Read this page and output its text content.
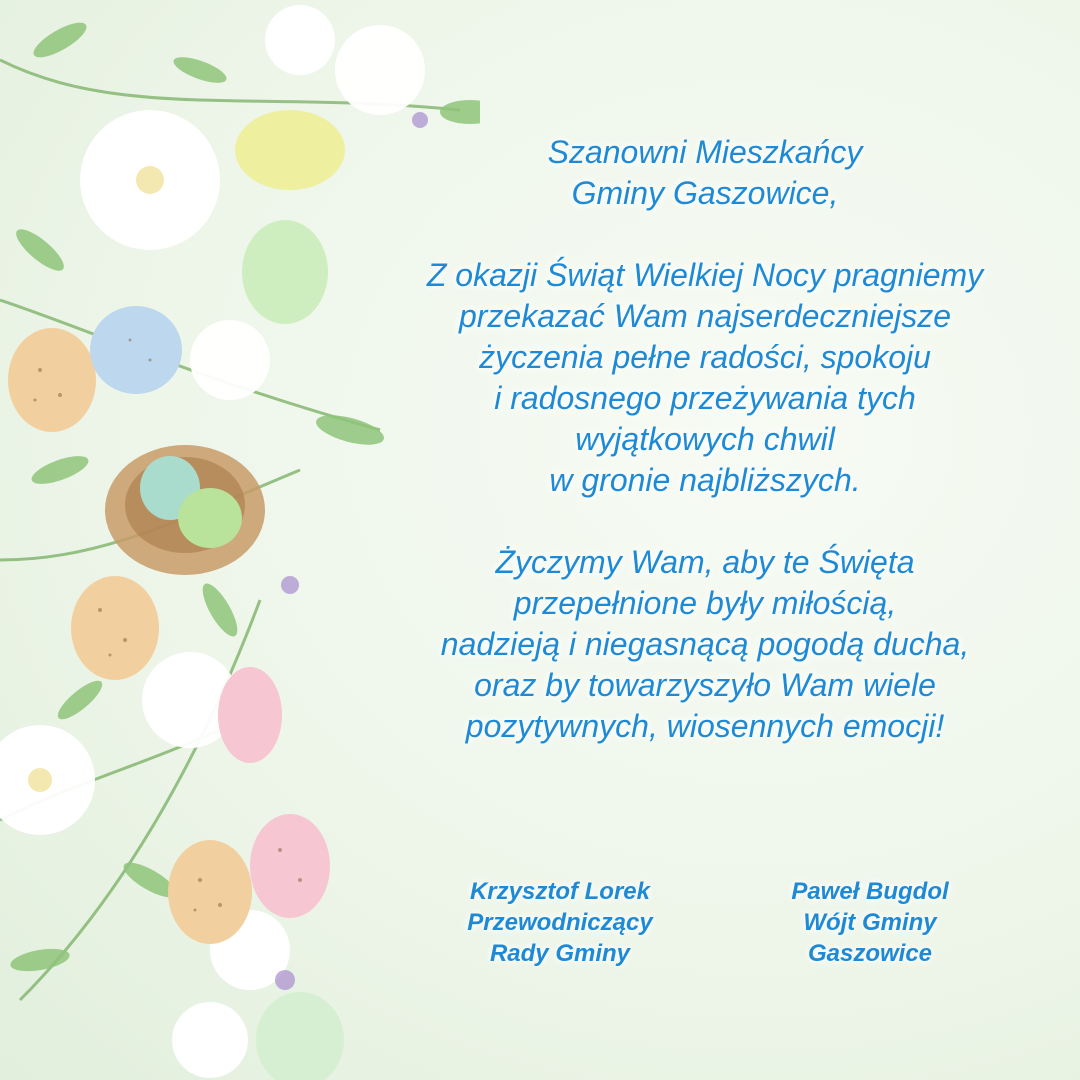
Szanowni Mieszkańcy
Gminy Gaszowice,

Z okazji Świąt Wielkiej Nocy pragniemy
przekazać Wam najserdeczniejsze
życzenia pełne radości, spokoju
i radosnego przeżywania tych
wyjątkowych chwil
w gronie najbliższych.

Życzymy Wam, aby te Święta
przepełnione były miłością,
nadzieją i niegasnącą pogodą ducha,
oraz by towarzyszyło Wam wiele
pozytywnych, wiosennych emocji!

Krzysztof Lorek
Przewodniczący
Rady Gminy
Paweł Bugdol
Wójt Gminy
Gaszowice
